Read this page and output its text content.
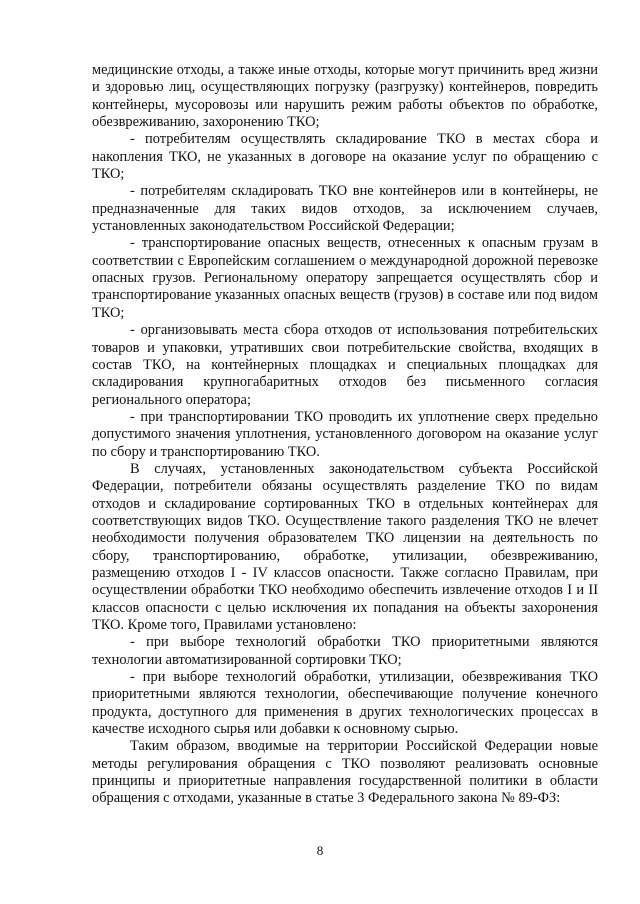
медицинские отходы, а также иные отходы, которые могут причинить вред жизни и здоровью лиц, осуществляющих погрузку (разгрузку) контейнеров, повредить контейнеры, мусоровозы или нарушить режим работы объектов по обработке, обезвреживанию, захоронению ТКО;

- потребителям осуществлять складирование ТКО в местах сбора и накопления ТКО, не указанных в договоре на оказание услуг по обращению с ТКО;

- потребителям складировать ТКО вне контейнеров или в контейнеры, не предназначенные для таких видов отходов, за исключением случаев, установленных законодательством Российской Федерации;

- транспортирование опасных веществ, отнесенных к опасным грузам в соответствии с Европейским соглашением о международной дорожной перевозке опасных грузов. Региональному оператору запрещается осуществлять сбор и транспортирование указанных опасных веществ (грузов) в составе или под видом ТКО;

- организовывать места сбора отходов от использования потребительских товаров и упаковки, утративших свои потребительские свойства, входящих в состав ТКО, на контейнерных площадках и специальных площадках для складирования крупногабаритных отходов без письменного согласия регионального оператора;

- при транспортировании ТКО проводить их уплотнение сверх предельно допустимого значения уплотнения, установленного договором на оказание услуг по сбору и транспортированию ТКО.

В случаях, установленных законодательством субъекта Российской Федерации, потребители обязаны осуществлять разделение ТКО по видам отходов и складирование сортированных ТКО в отдельных контейнерах для соответствующих видов ТКО. Осуществление такого разделения ТКО не влечет необходимости получения образователем ТКО лицензии на деятельность по сбору, транспортированию, обработке, утилизации, обезвреживанию, размещению отходов I - IV классов опасности. Также согласно Правилам, при осуществлении обработки ТКО необходимо обеспечить извлечение отходов I и II классов опасности с целью исключения их попадания на объекты захоронения ТКО. Кроме того, Правилами установлено:

- при выборе технологий обработки ТКО приоритетными являются технологии автоматизированной сортировки ТКО;

- при выборе технологий обработки, утилизации, обезвреживания ТКО приоритетными являются технологии, обеспечивающие получение конечного продукта, доступного для применения в других технологических процессах в качестве исходного сырья или добавки к основному сырью.

Таким образом, вводимые на территории Российской Федерации новые методы регулирования обращения с ТКО позволяют реализовать основные принципы и приоритетные направления государственной политики в области обращения с отходами, указанные в статье 3 Федерального закона № 89-ФЗ:

8
